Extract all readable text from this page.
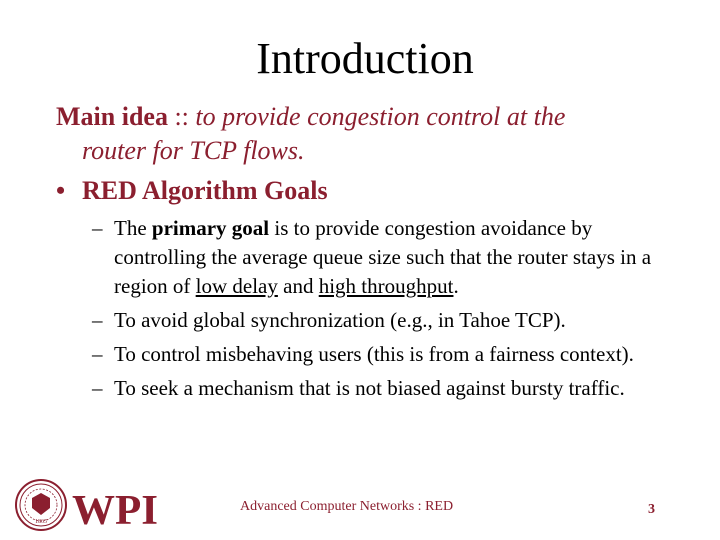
Introduction
Main idea :: to provide congestion control at the
router for TCP flows.
• RED Algorithm Goals
– The primary goal is to provide congestion avoidance by controlling the average queue size such that the router stays in a region of low delay and high throughput.
– To avoid global synchronization (e.g., in Tahoe TCP).
– To control misbehaving users (this is from a fairness context).
– To seek a mechanism that is not biased against bursty traffic.
1865 WPI	Advanced Computer Networks : RED	3
